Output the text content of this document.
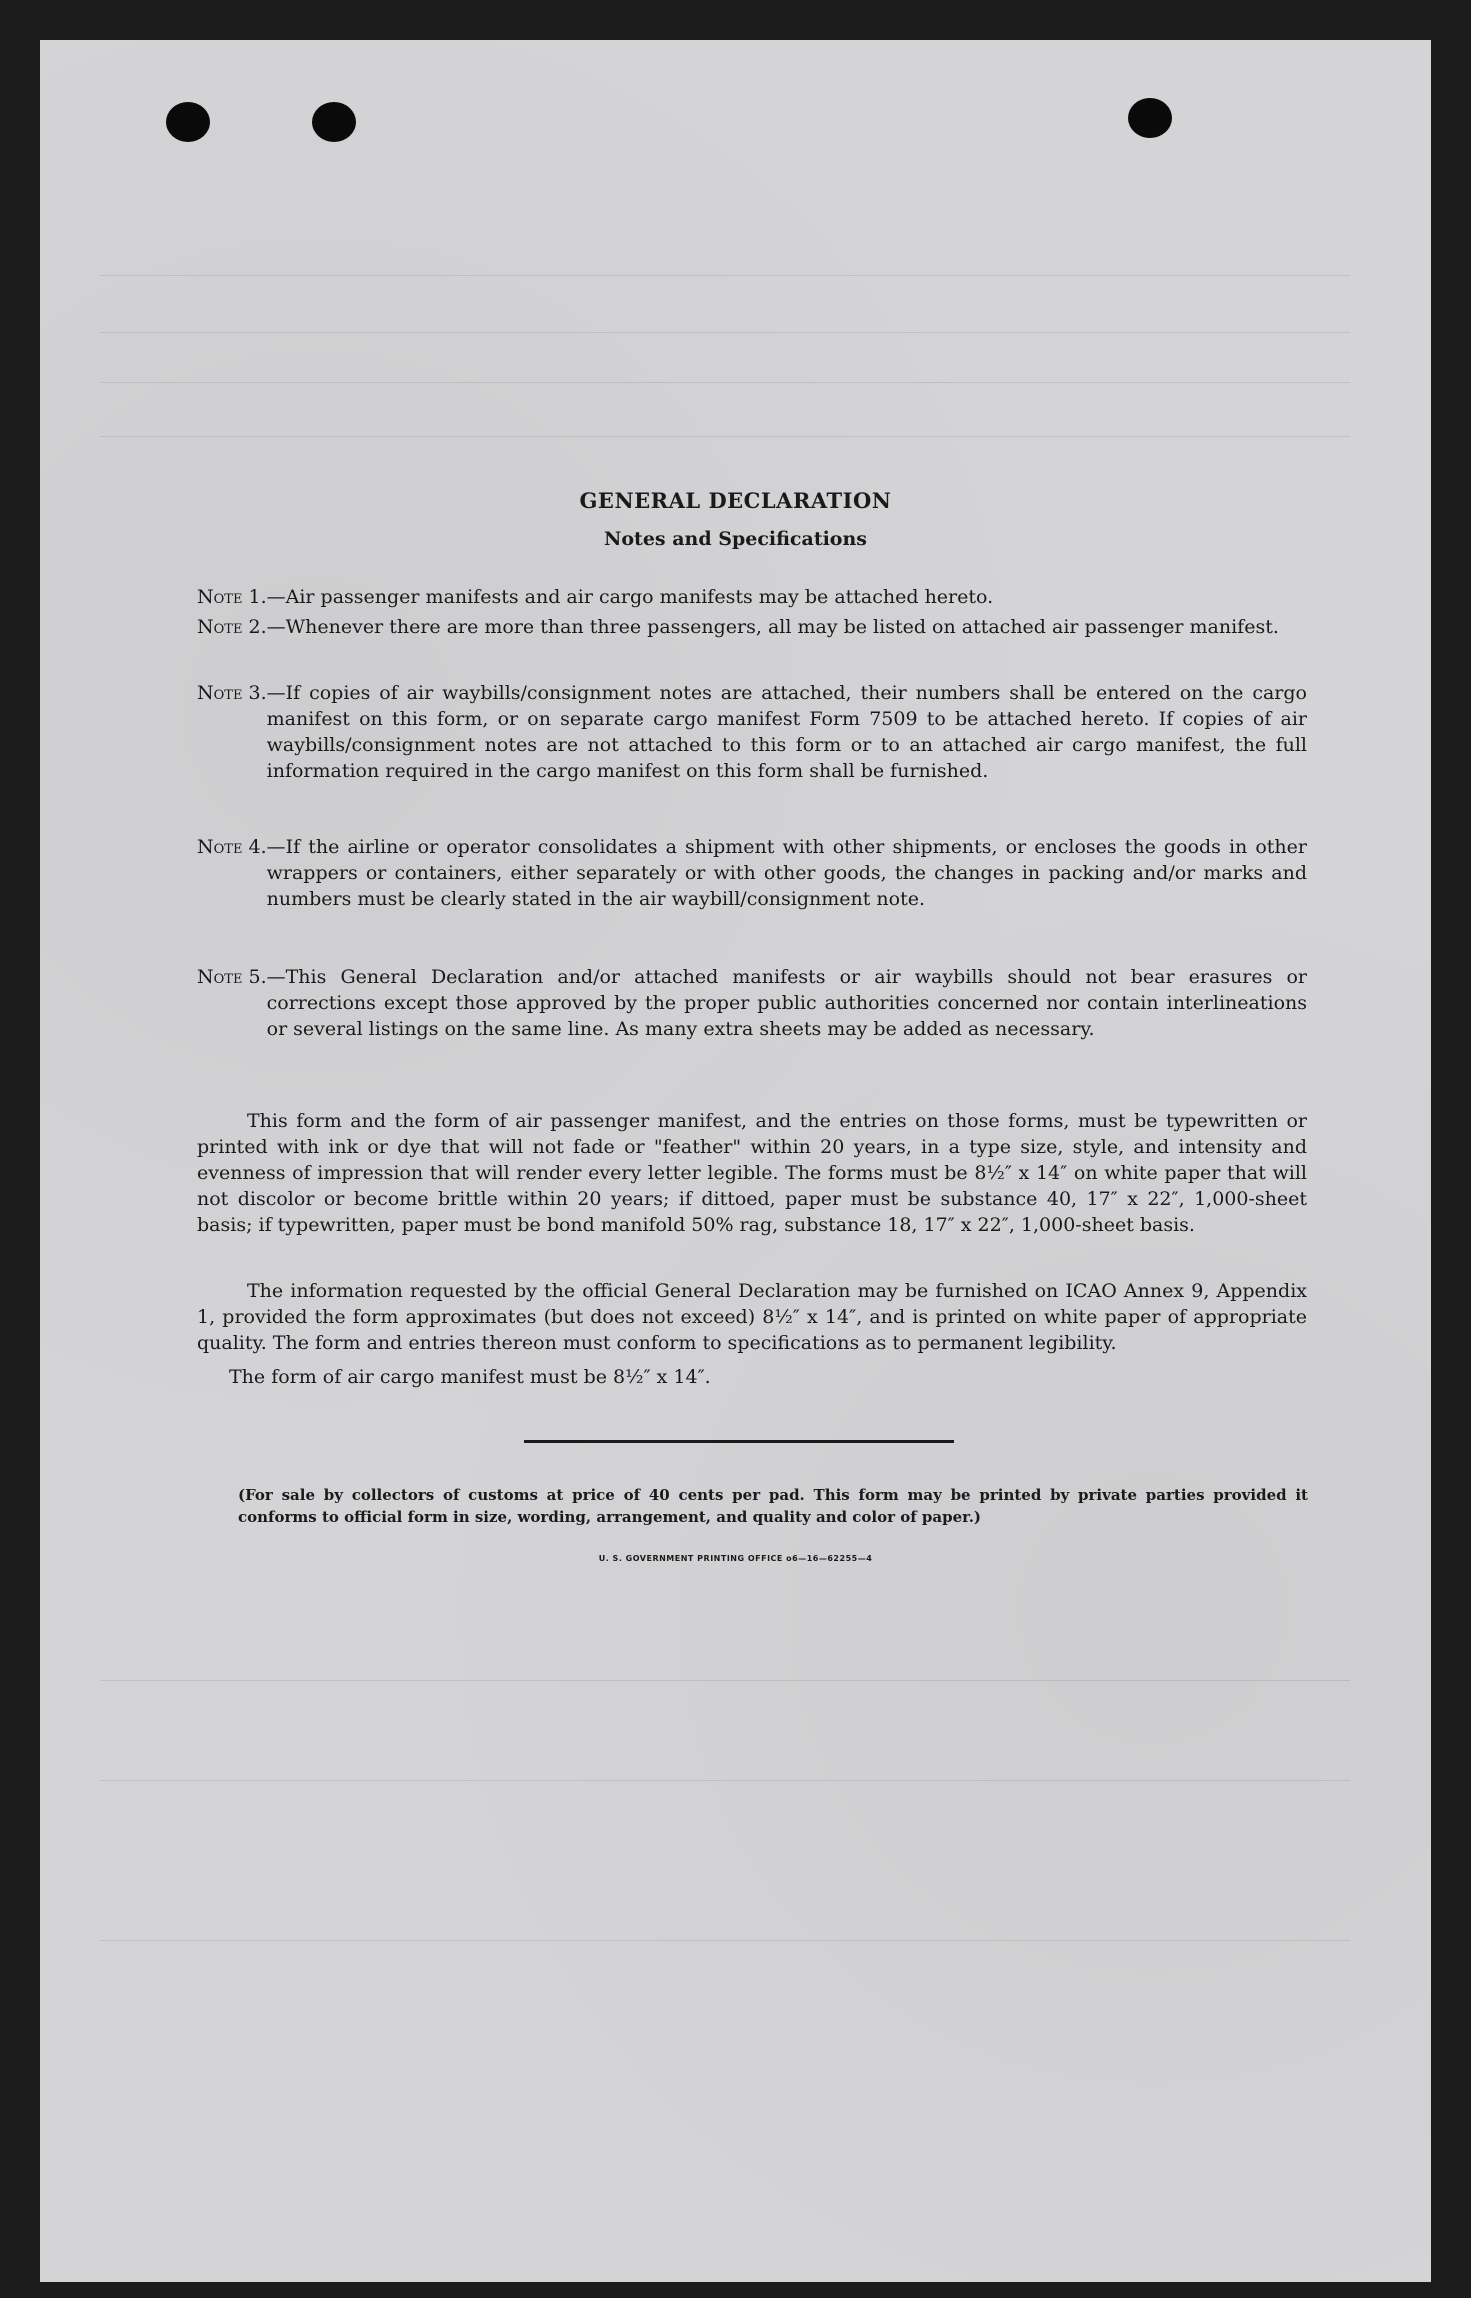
GENERAL DECLARATION
Notes and Specifications
Note 1. —Air passenger manifests and air cargo manifests may be attached hereto.
Note 2. —Whenever there are more than three passengers, all may be listed on attached air passenger manifest.
Note 3. —If copies of air waybills/consignment notes are attached, their numbers shall be entered on the cargo manifest on this form, or on separate cargo manifest Form 7509 to be attached hereto. If copies of air waybills/consignment notes are not attached to this form or to an attached air cargo manifest, the full information required in the cargo manifest on this form shall be furnished.
Note 4. —If the airline or operator consolidates a shipment with other shipments, or encloses the goods in other wrappers or containers, either separately or with other goods, the changes in packing and/or marks and numbers must be clearly stated in the air waybill/consignment note.
Note 5. —This General Declaration and/or attached manifests or air waybills should not bear erasures or corrections except those approved by the proper public authorities concerned nor contain interlineations or several listings on the same line. As many extra sheets may be added as necessary.
This form and the form of air passenger manifest, and the entries on those forms, must be typewritten or printed with ink or dye that will not fade or "feather" within 20 years, in a type size, style, and intensity and evenness of impression that will render every letter legible. The forms must be 8½″ x 14″ on white paper that will not discolor or become brittle within 20 years; if dittoed, paper must be substance 40, 17″ x 22″, 1,000-sheet basis; if typewritten, paper must be bond manifold 50% rag, substance 18, 17″ x 22″, 1,000-sheet basis.
The information requested by the official General Declaration may be furnished on ICAO Annex 9, Appendix 1, provided the form approximates (but does not exceed) 8½″ x 14″, and is printed on white paper of appropriate quality. The form and entries thereon must conform to specifications as to permanent legibility.
The form of air cargo manifest must be 8½″ x 14″.
(For sale by collectors of customs at price of 40 cents per pad. This form may be printed by private parties provided it conforms to official form in size, wording, arrangement, and quality and color of paper.)
U. S. GOVERNMENT PRINTING OFFICE o6—16—62255—4
